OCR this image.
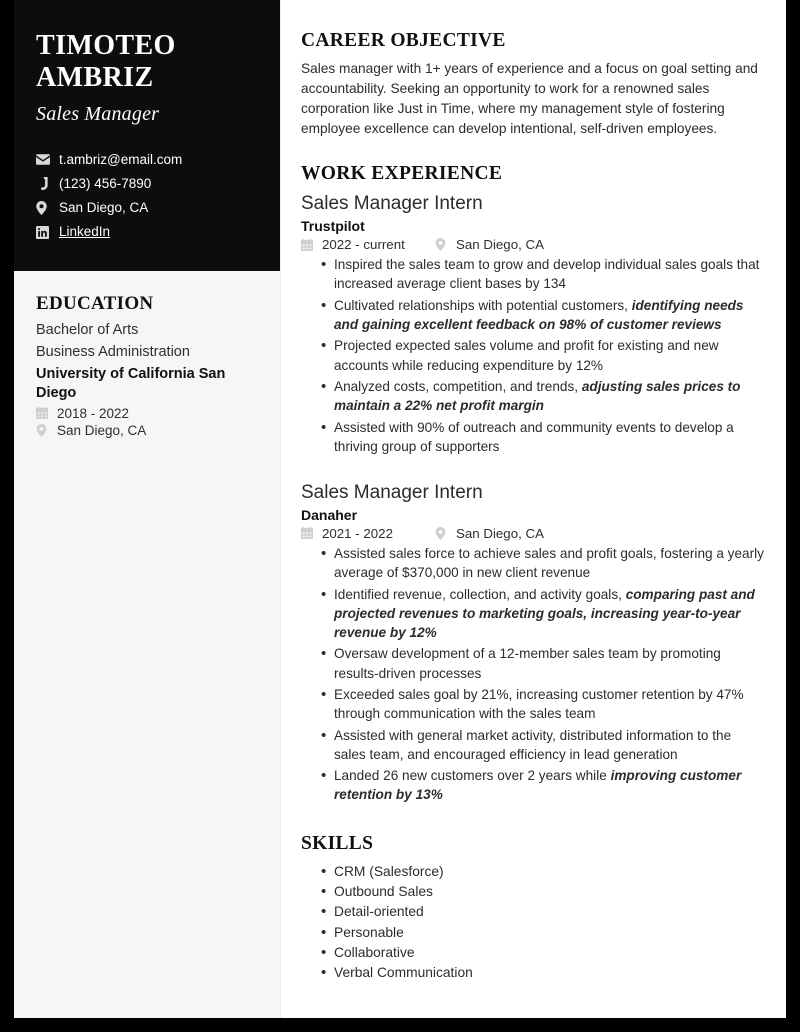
TIMOTEO
AMBRIZ
Sales Manager
t.ambriz@email.com
(123) 456-7890
San Diego, CA
LinkedIn
EDUCATION
Bachelor of Arts
Business Administration
University of California San Diego
2018 - 2022
San Diego, CA
CAREER OBJECTIVE
Sales manager with 1+ years of experience and a focus on goal setting and accountability. Seeking an opportunity to work for a renowned sales corporation like Just in Time, where my management style of fostering employee excellence can develop intentional, self-driven employees.
WORK EXPERIENCE
Sales Manager Intern
Trustpilot
2022 - current	San Diego, CA
• Inspired the sales team to grow and develop individual sales goals that increased average client bases by 134
• Cultivated relationships with potential customers, identifying needs and gaining excellent feedback on 98% of customer reviews
• Projected expected sales volume and profit for existing and new accounts while reducing expenditure by 12%
• Analyzed costs, competition, and trends, adjusting sales prices to maintain a 22% net profit margin
• Assisted with 90% of outreach and community events to develop a thriving group of supporters
Sales Manager Intern
Danaher
2021 - 2022	San Diego, CA
• Assisted sales force to achieve sales and profit goals, fostering a yearly average of $370,000 in new client revenue
• Identified revenue, collection, and activity goals, comparing past and projected revenues to marketing goals, increasing year-to-year revenue by 12%
• Oversaw development of a 12-member sales team by promoting results-driven processes
• Exceeded sales goal by 21%, increasing customer retention by 47% through communication with the sales team
• Assisted with general market activity, distributed information to the sales team, and encouraged efficiency in lead generation
• Landed 26 new customers over 2 years while improving customer retention by 13%
SKILLS
• CRM (Salesforce)
• Outbound Sales
• Detail-oriented
• Personable
• Collaborative
• Verbal Communication
